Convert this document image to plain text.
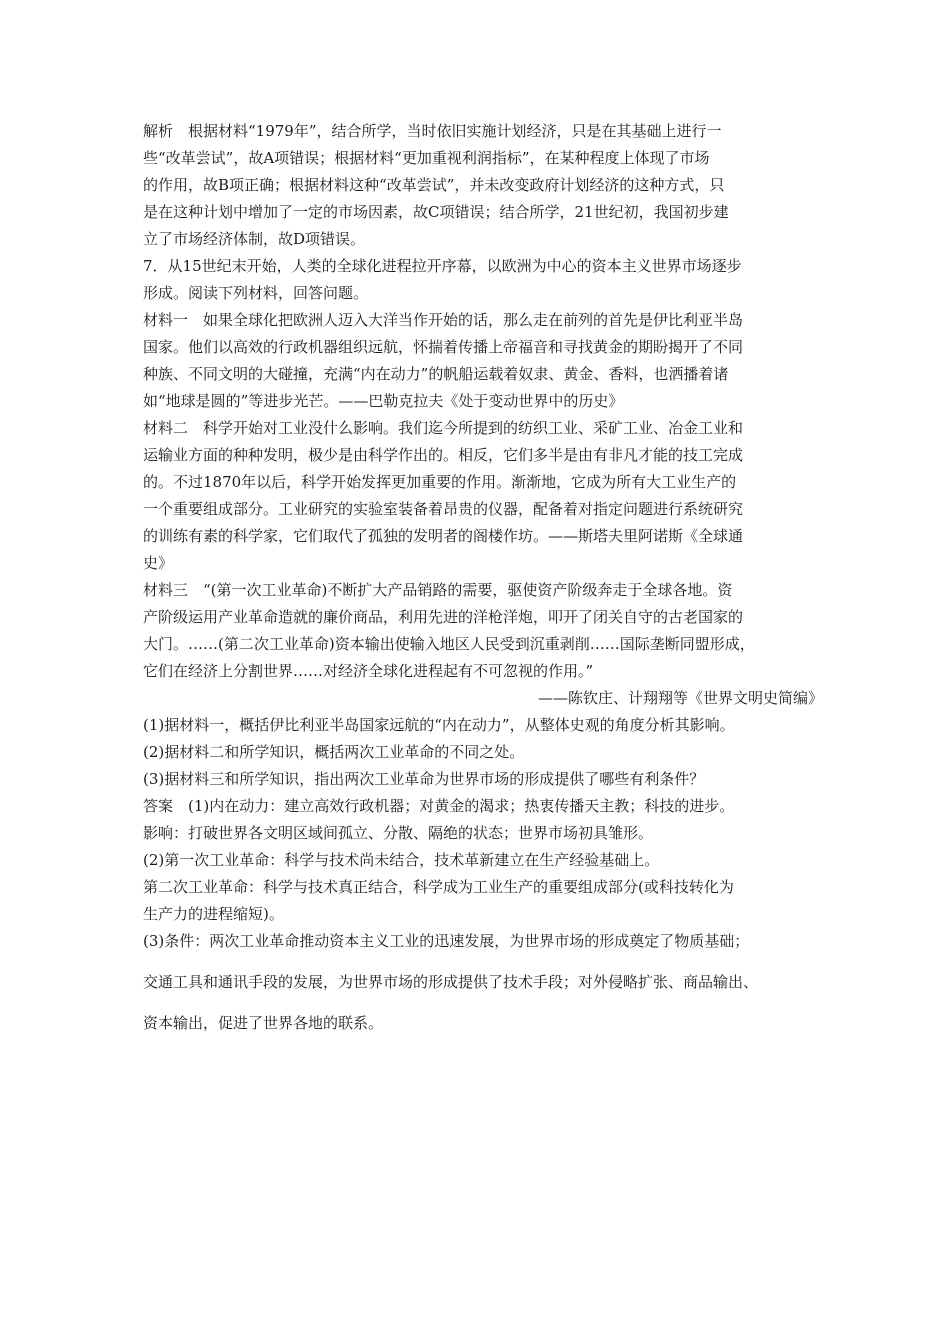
解析　根据材料“1979年”，结合所学，当时依旧实施计划经济，只是在其基础上进行一
些“改革尝试”，故A项错误；根据材料“更加重视利润指标”，在某种程度上体现了市场
的作用，故B项正确；根据材料这种“改革尝试”，并未改变政府计划经济的这种方式，只
是在这种计划中增加了一定的市场因素，故C项错误；结合所学，21世纪初，我国初步建
立了市场经济体制，故D项错误。
7．从15世纪末开始，人类的全球化进程拉开序幕，以欧洲为中心的资本主义世界市场逐步
形成。阅读下列材料，回答问题。
材料一　如果全球化把欧洲人迈入大洋当作开始的话，那么走在前列的首先是伊比利亚半岛
国家。他们以高效的行政机器组织远航，怀揣着传播上帝福音和寻找黄金的期盼揭开了不同
种族、不同文明的大碰撞，充满“内在动力”的帆船运载着奴隶、黄金、香料，也洒播着诸
如“地球是圆的”等进步光芒。——巴勒克拉夫《处于变动世界中的历史》
材料二　科学开始对工业没什么影响。我们迄今所提到的纺织工业、采矿工业、冶金工业和
运输业方面的种种发明，极少是由科学作出的。相反，它们多半是由有非凡才能的技工完成
的。不过1870年以后，科学开始发挥更加重要的作用。渐渐地，它成为所有大工业生产的
一个重要组成部分。工业研究的实验室装备着昂贵的仪器，配备着对指定问题进行系统研究
的训练有素的科学家，它们取代了孤独的发明者的阁楼作坊。——斯塔夫里阿诺斯《全球通
史》
材料三　“(第一次工业革命)不断扩大产品销路的需要，驱使资产阶级奔走于全球各地。资
产阶级运用产业革命造就的廉价商品，利用先进的洋枪洋炮，叩开了闭关自守的古老国家的
大门。……(第二次工业革命)资本输出使输入地区人民受到沉重剥削……国际垄断同盟形成，
它们在经济上分割世界……对经济全球化进程起有不可忽视的作用。”
——陈钦庄、计翔翔等《世界文明史简编》
(1)据材料一，概括伊比利亚半岛国家远航的“内在动力”，从整体史观的角度分析其影响。
(2)据材料二和所学知识，概括两次工业革命的不同之处。
(3)据材料三和所学知识，指出两次工业革命为世界市场的形成提供了哪些有利条件？
答案　(1)内在动力：建立高效行政机器；对黄金的渴求；热衷传播天主教；科技的进步。
影响：打破世界各文明区域间孤立、分散、隔绝的状态；世界市场初具雏形。
(2)第一次工业革命：科学与技术尚未结合，技术革新建立在生产经验基础上。
第二次工业革命：科学与技术真正结合，科学成为工业生产的重要组成部分(或科技转化为
生产力的进程缩短)。
(3)条件：两次工业革命推动资本主义工业的迅速发展，为世界市场的形成奠定了物质基础；
交通工具和通讯手段的发展，为世界市场的形成提供了技术手段；对外侵略扩张、商品输出、
资本输出，促进了世界各地的联系。
